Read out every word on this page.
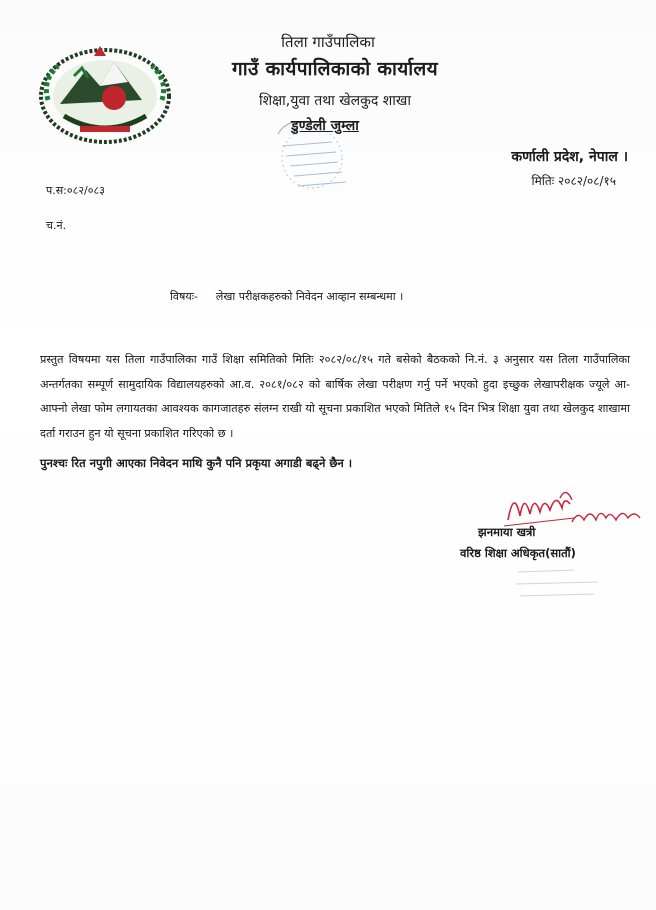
तिला गाउँपालिका
गाउँ कार्यपालिकाको कार्यालय
शिक्षा,युवा तथा खेलकुद शाखा
डुण्डेली जुम्ला
कर्णाली प्रदेश, नेपाल ।
मितिः २०८२/०८/१५
प.स:०८२/०८३
च.नं.
विषयः- लेखा परीक्षकहरुको निवेदन आव्हान सम्बन्धमा ।
प्रस्तुत विषयमा यस तिला गाउँपालिका गाउँ शिक्षा समितिको मितिः २०८२/०८/१५ गते बसेको बैठकको नि.नं. ३ अनुसार यस तिला गाउँपालिका अन्तर्गतका सम्पूर्ण सामुदायिक विद्यालयहरुको आ.व. २०८१/०८२ को बार्षिक लेखा परीक्षण गर्नु पर्ने भएको हुदा इच्छुक लेखापरीक्षक ज्यूले आ-आफ्नो लेखा फोम लगायतका आवश्यक कागजातहरु संलग्न राखी यो सूचना प्रकाशित भएको मितिले १५ दिन भित्र शिक्षा युवा तथा खेलकुद शाखामा दर्ता गराउन हुन यो सूचना प्रकाशित गरिएको छ ।
पुनश्चः रित नपुगी आएका निवेदन माथि कुनै पनि प्रकृया अगाडी बढ्ने छैन ।
झनमाया खत्री
वरिष्ठ शिक्षा अधिकृत(सातौं)
